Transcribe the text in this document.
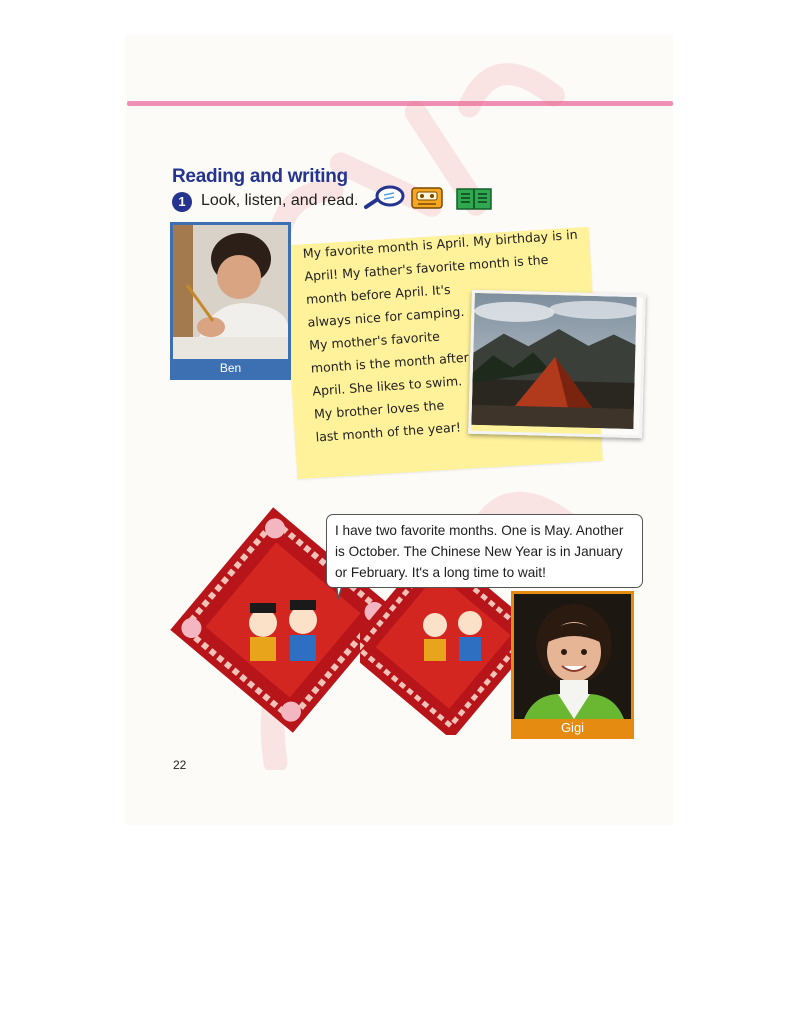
Reading and writing
1 Look, listen, and read.
My favorite month is April. My birthday is in
April! My father's favorite month is the
month before April. It's
always nice for camping.
My mother's favorite
month is the month after
April. She likes to swim.
My brother loves the
last month of the year!
Ben
I have two favorite months. One is May. Another
is October. The Chinese New Year is in January
or February. It's a long time to wait!
Gigi
22
